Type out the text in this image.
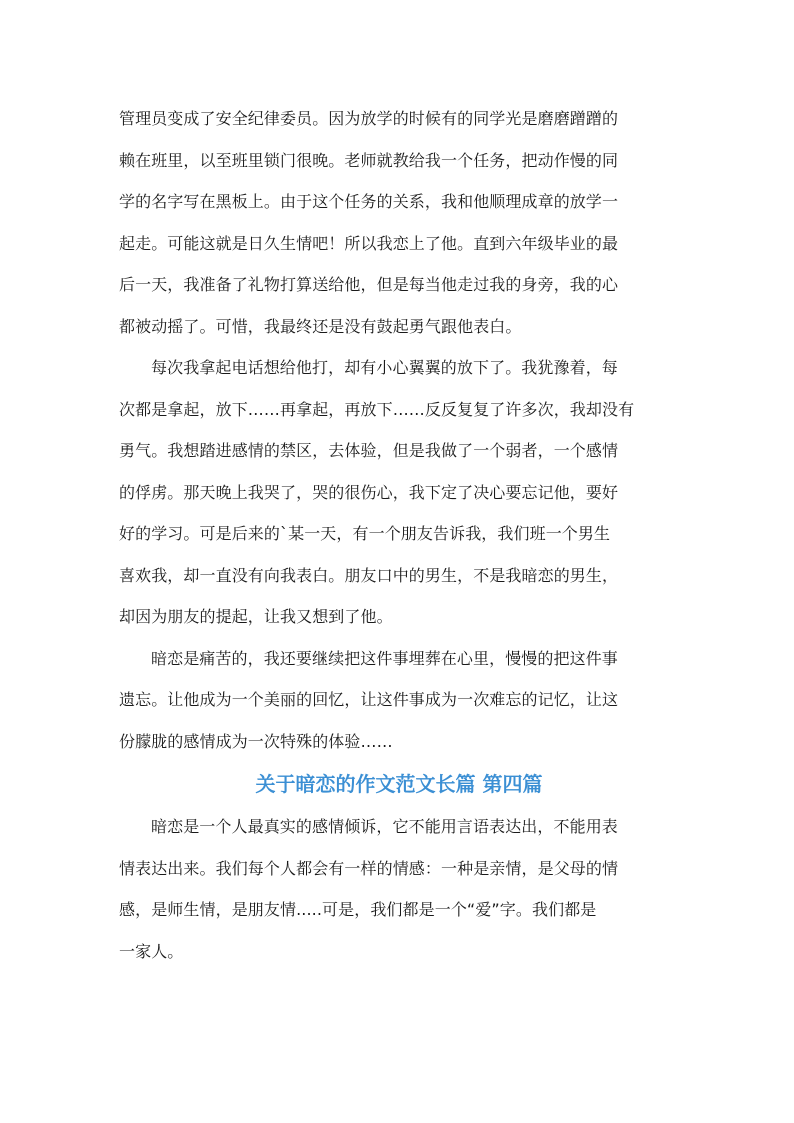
管理员变成了安全纪律委员。因为放学的时候有的同学光是磨磨蹭蹭的
赖在班里，以至班里锁门很晚。老师就教给我一个任务，把动作慢的同
学的名字写在黑板上。由于这个任务的关系，我和他顺理成章的放学一
起走。可能这就是日久生情吧！所以我恋上了他。直到六年级毕业的最
后一天，我准备了礼物打算送给他，但是每当他走过我的身旁，我的心
都被动摇了。可惜，我最终还是没有鼓起勇气跟他表白。

每次我拿起电话想给他打，却有小心翼翼的放下了。我犹豫着，每
次都是拿起，放下……再拿起，再放下……反反复复了许多次，我却没有
勇气。我想踏进感情的禁区，去体验，但是我做了一个弱者，一个感情
的俘虏。那天晚上我哭了，哭的很伤心，我下定了决心要忘记他，要好
好的学习。可是后来的`某一天，有一个朋友告诉我，我们班一个男生
喜欢我，却一直没有向我表白。朋友口中的男生，不是我暗恋的男生，
却因为朋友的提起，让我又想到了他。

暗恋是痛苦的，我还要继续把这件事埋葬在心里，慢慢的把这件事
遗忘。让他成为一个美丽的回忆，让这件事成为一次难忘的记忆，让这
份朦胧的感情成为一次特殊的体验……

关于暗恋的作文范文长篇 第四篇

暗恋是一个人最真实的感情倾诉，它不能用言语表达出，不能用表
情表达出来。我们每个人都会有一样的情感：一种是亲情，是父母的情
感，是师生情，是朋友情.....可是，我们都是一个“爱”字。我们都是
一家人。
